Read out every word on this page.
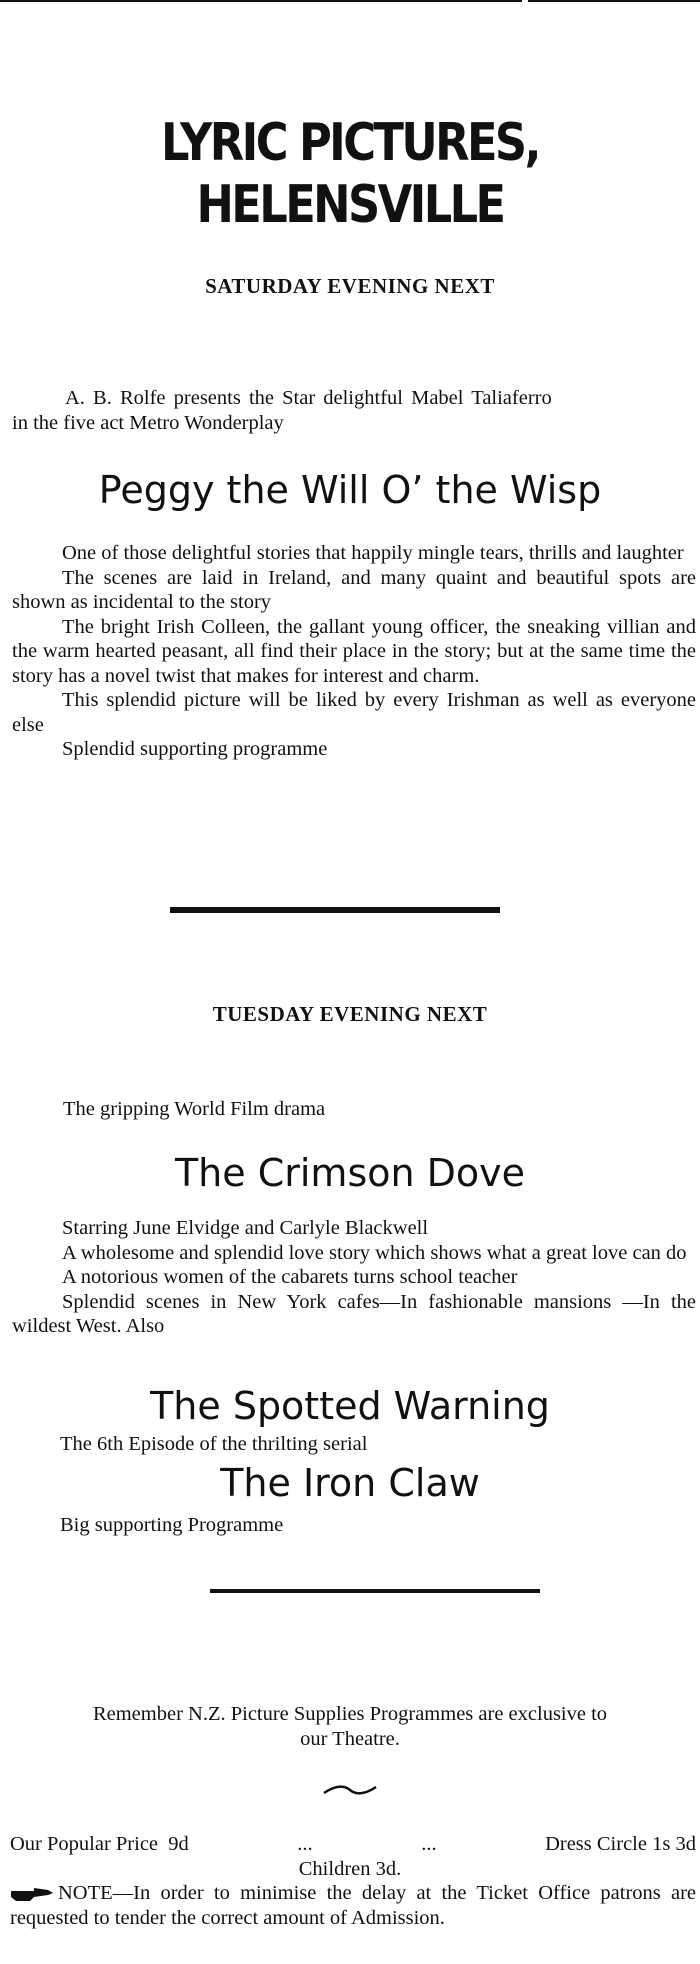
LYRIC PICTURES, HELENSVILLE
SATURDAY EVENING NEXT
A. B. Rolfe presents the Star delightful Mabel Taliaferro
in the five act Metro Wonderplay
Peggy the Will O’ the Wisp

One of those delightful stories that happily mingle tears, thrills and laughter

The scenes are laid in Ireland, and many quaint and beautiful spots are shown as incidental to the story

The bright Irish Colleen, the gallant young officer, the sneaking villian and the warm hearted peasant, all find their place in the story; but at the same time the story has a novel twist that makes for interest and charm.

This splendid picture will be liked by every Irishman as well as everyone else

Splendid supporting programme

TUESDAY EVENING NEXT
The gripping World Film drama
The Crimson Dove

Starring June Elvidge and Carlyle Blackwell

A wholesome and splendid love story which shows what a great love can do

A notorious women of the cabarets turns school teacher

Splendid scenes in New York cafes—In fashionable mansions —In the wildest West. Also

The Spotted Warning
The 6th Episode of the thrilting serial
The Iron Claw
Big supporting Programme
Remember N.Z. Picture Supplies Programmes are exclusive to
our Theatre.
Our Popular Price  9d	...	...	Dress Circle 1s 3d
Children 3d.

NOTE—In order to minimise the delay at the Ticket Office patrons are requested to tender the correct amount of Admission.
